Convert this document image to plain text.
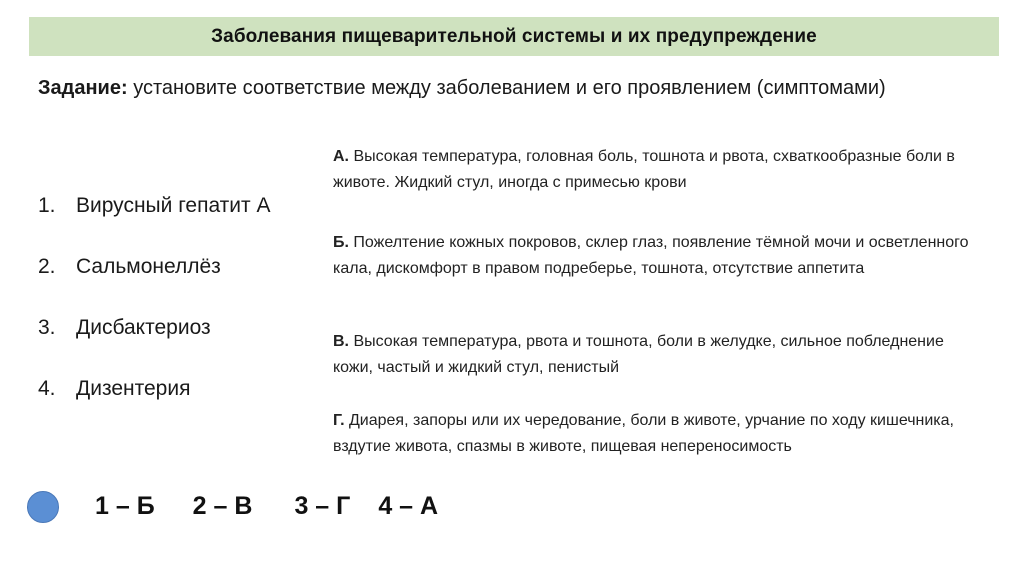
Заболевания пищеварительной системы и их предупреждение
Задание: установите соответствие между заболеванием и его проявлением (симптомами)
1. Вирусный гепатит А
2. Сальмонеллёз
3. Дисбактериоз
4. Дизентерия
А. Высокая температура, головная боль, тошнота и рвота, схваткообразные боли в животе. Жидкий стул, иногда с примесью крови
Б. Пожелтение кожных покровов, склер глаз, появление тёмной мочи и осветленного кала, дискомфорт в правом подреберье, тошнота, отсутствие аппетита
В. Высокая температура, рвота и тошнота, боли в желудке, сильное побледнение кожи, частый и жидкий стул, пенистый
Г. Диарея, запоры или их чередование, боли в животе, урчание по ходу кишечника, вздутие живота, спазмы в животе, пищевая непереносимость
1 – Б 2 – В 3 – Г 4 – А
